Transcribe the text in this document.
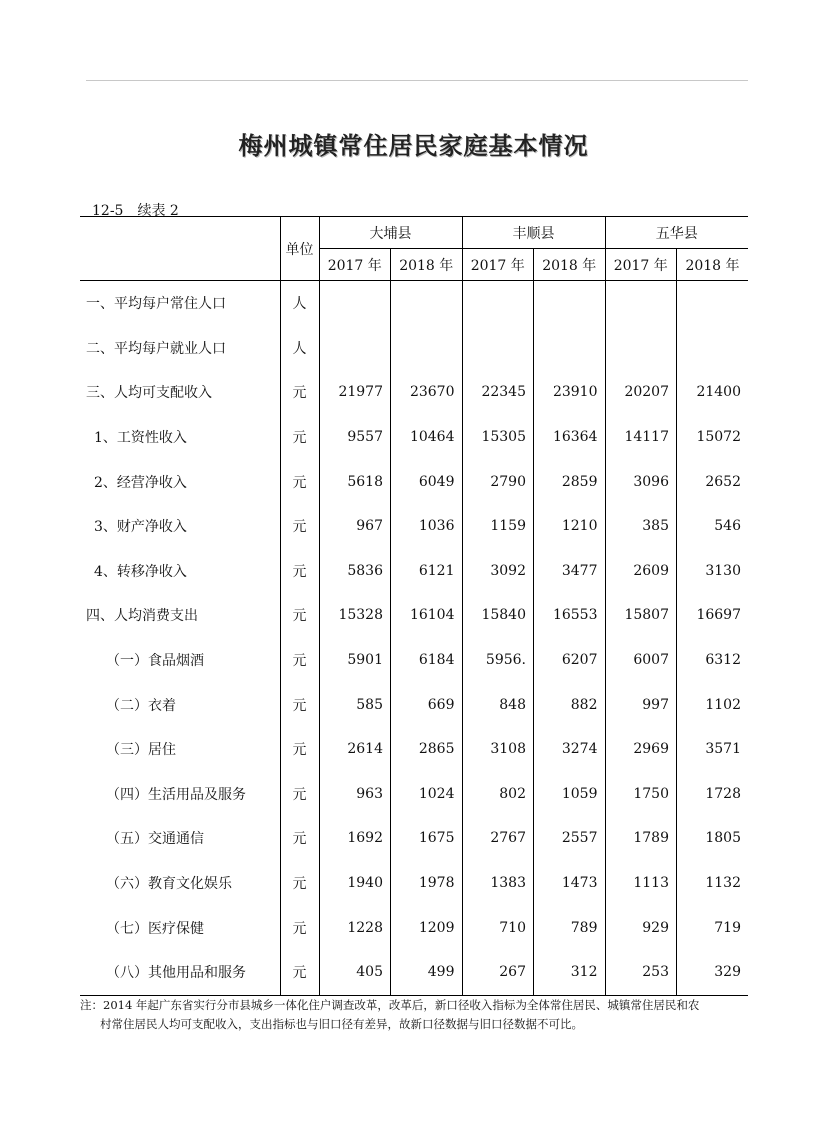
梅州城镇常住居民家庭基本情况
12-5　续表 2
	单位	大埔县		丰顺县		五华县	
		2017 年	2018 年	2017 年	2018 年	2017 年	2018 年
一、平均每户常住人口	人						
二、平均每户就业人口	人						
三、人均可支配收入	元	21977	23670	22345	23910	20207	21400
1、工资性收入	元	9557	10464	15305	16364	14117	15072
2、经营净收入	元	5618	6049	2790	2859	3096	2652
3、财产净收入	元	967	1036	1159	1210	385	546
4、转移净收入	元	5836	6121	3092	3477	2609	3130
四、人均消费支出	元	15328	16104	15840	16553	15807	16697
（一）食品烟酒	元	5901	6184	5956.	6207	6007	6312
（二）衣着	元	585	669	848	882	997	1102
（三）居住	元	2614	2865	3108	3274	2969	3571
（四）生活用品及服务	元	963	1024	802	1059	1750	1728
（五）交通通信	元	1692	1675	2767	2557	1789	1805
（六）教育文化娱乐	元	1940	1978	1383	1473	1113	1132
（七）医疗保健	元	1228	1209	710	789	929	719
（八）其他用品和服务	元	405	499	267	312	253	329
注：2014 年起广东省实行分市县城乡一体化住户调查改革，改革后，新口径收入指标为全体常住居民、城镇常住居民和农
村常住居民人均可支配收入，支出指标也与旧口径有差异，故新口径数据与旧口径数据不可比。
